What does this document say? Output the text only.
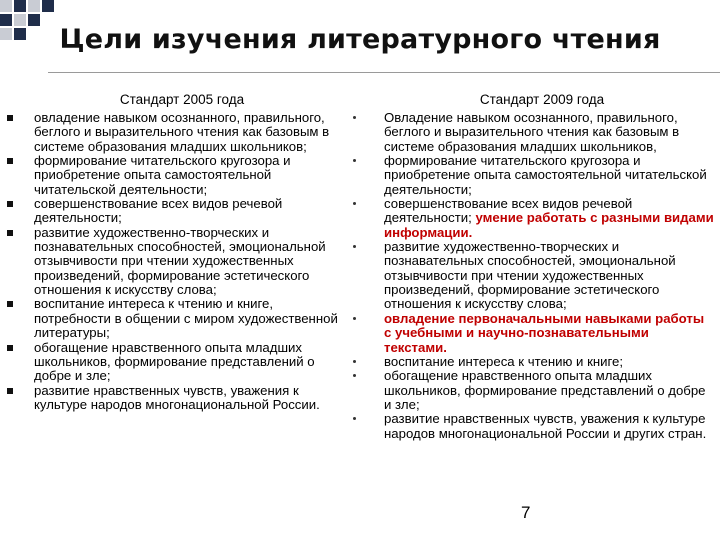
Цели изучения литературного чтения
Стандарт 2005 года
овладение навыком осознанного, правильного, беглого и выразительного чтения как базовым в системе образования младших школьников;
формирование читательского кругозора и приобретение опыта самостоятельной читательской деятельности;
совершенствование всех видов речевой деятельности;
развитие художественно-творческих и познавательных способностей, эмоциональной отзывчивости при чтении художественных произведений, формирование эстетического отношения к искусству слова;
воспитание интереса к чтению и книге, потребности в общении с миром художественной литературы;
обогащение нравственного опыта младших школьников, формирование представлений о добре и зле;
развитие нравственных чувств, уважения к культуре народов многонациональной России.
Стандарт 2009 года
Овладение навыком осознанного, правильного, беглого и выразительного чтения как базовым в системе образования младших школьников,
формирование читательского кругозора и приобретение опыта самостоятельной читательской деятельности;
совершенствование всех видов речевой деятельности; умение работать с разными видами информации.
развитие художественно-творческих и познавательных способностей, эмоциональной отзывчивости при чтении художественных произведений, формирование эстетического отношения к искусству слова;
овладение первоначальными навыками работы с учебными и научно-познавательными текстами.
воспитание интереса к чтению и книге;
обогащение нравственного опыта младших школьников, формирование представлений о добре и зле;
развитие нравственных чувств, уважения к культуре народов многонациональной России и других стран.
7
